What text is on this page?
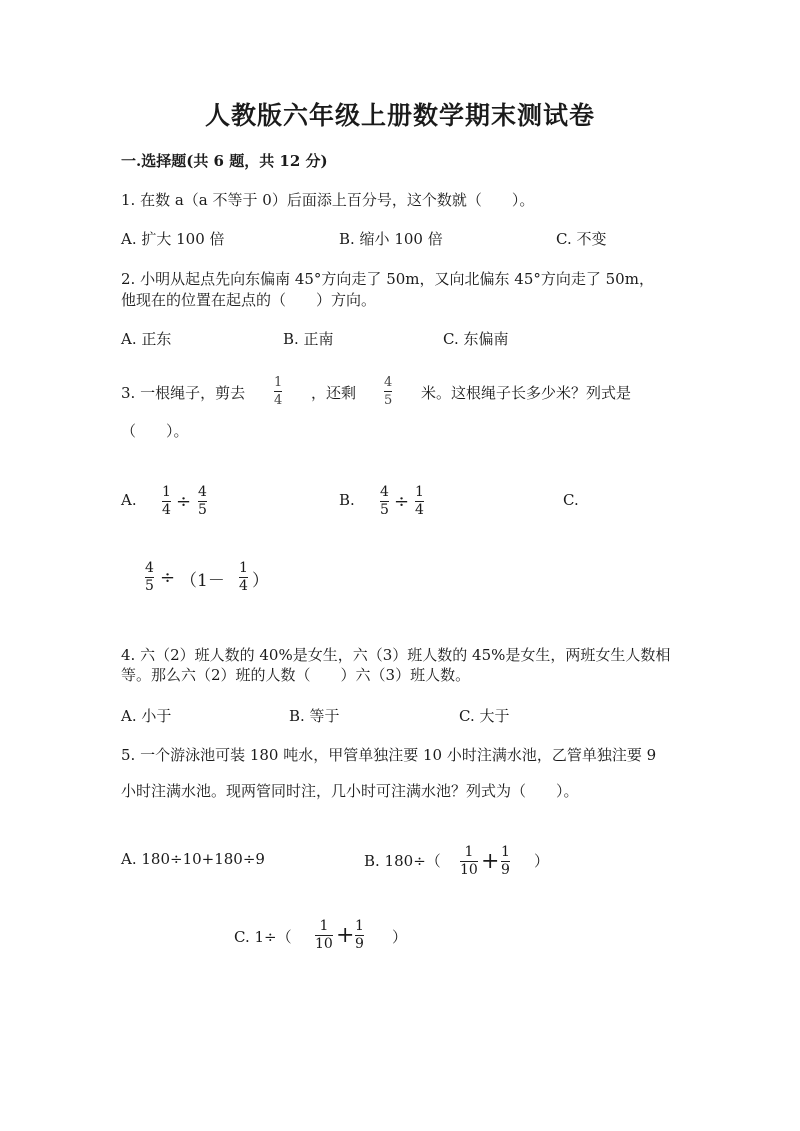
人教版六年级上册数学期末测试卷
一.选择题(共 6 题，共 12 分)
1. 在数 a（a 不等于 0）后面添上百分号，这个数就（　　）。
A. 扩大 100 倍	B. 缩小 100 倍	C. 不变
2. 小明从起点先向东偏南 45°方向走了 50m，又向北偏东 45°方向走了 50m，
他现在的位置在起点的（　　）方向。
A. 正东	B. 正南	C. 东偏南
3. 一根绳子，剪去
1
4 ，还剩
4
5 米。这根绳子长多少米？列式是
（　　）。
A. 1
4 ÷ 4
5
B. 4
5 ÷ 1
4
C.
4
5 ÷ （1－
1
4 ）
4. 六（2）班人数的 40%是女生，六（3）班人数的 45%是女生，两班女生人数相
等。那么六（2）班的人数（　　）六（3）班人数。
A. 小于	B. 等于	C. 大于
5. 一个游泳池可装 180 吨水，甲管单独注要 10 小时注满水池，乙管单独注要 9
小时注满水池。现两管同时注，几小时可注满水池？列式为（　　）。
A. 180÷10+180÷9	B. 180÷（ 1
10 + 1
9 ）
C. 1÷（
1
10 + 1
9 ）
